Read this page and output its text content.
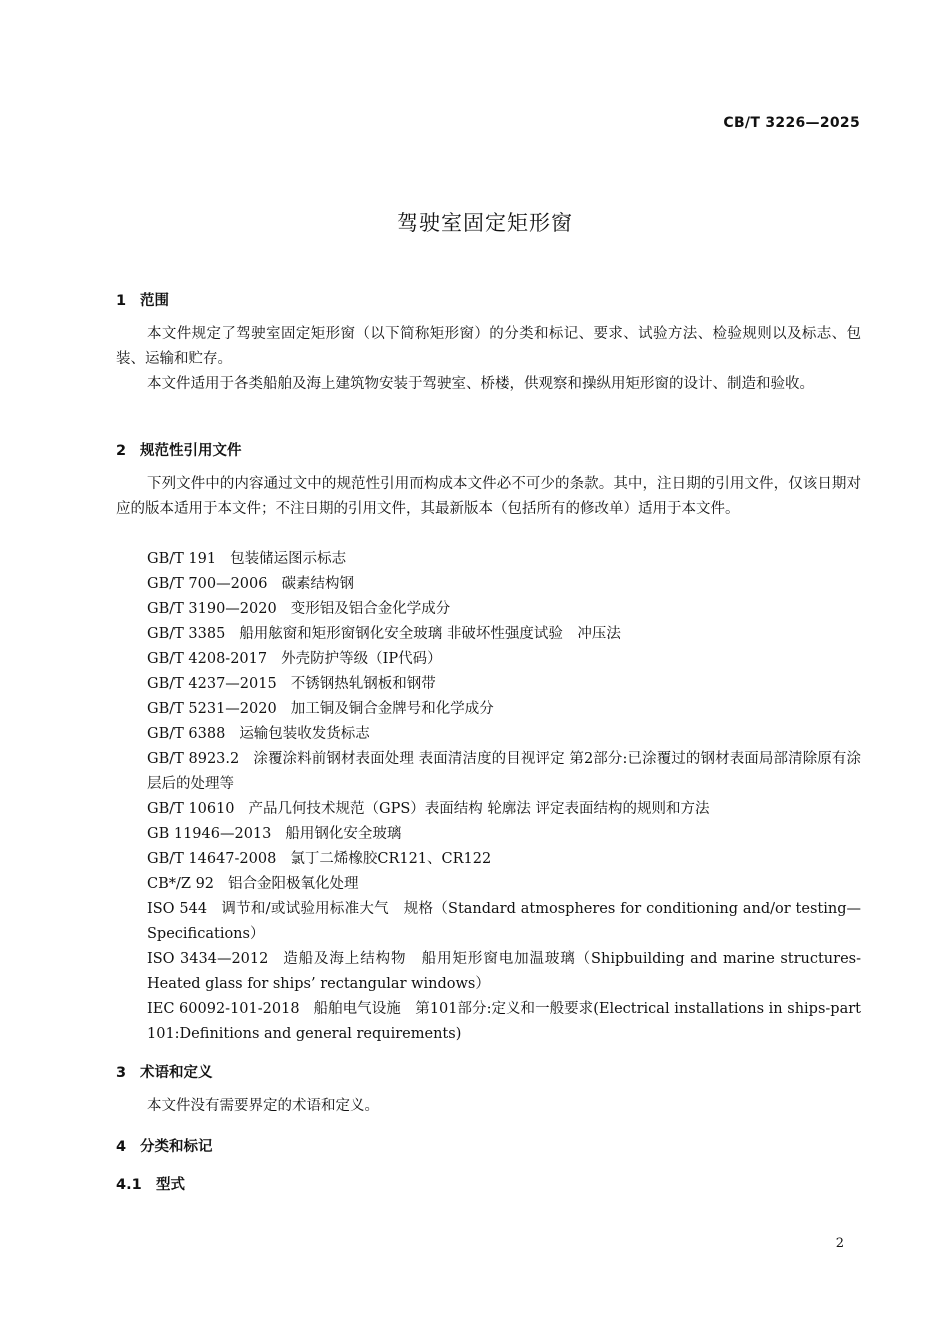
CB/T 3226—2025
驾驶室固定矩形窗
1 范围

本文件规定了驾驶室固定矩形窗（以下简称矩形窗）的分类和标记、要求、试验方法、检验规则以及标志、包装、运输和贮存。

本文件适用于各类船舶及海上建筑物安装于驾驶室、桥楼，供观察和操纵用矩形窗的设计、制造和验收。

2 规范性引用文件

下列文件中的内容通过文中的规范性引用而构成本文件必不可少的条款。其中，注日期的引用文件，仅该日期对应的版本适用于本文件；不注日期的引用文件，其最新版本（包括所有的修改单）适用于本文件。

GB/T 191 包装储运图示标志

GB/T 700—2006 碳素结构钢

GB/T 3190—2020 变形铝及铝合金化学成分

GB/T 3385 船用舷窗和矩形窗钢化安全玻璃 非破坏性强度试验　冲压法

GB/T 4208-2017 外壳防护等级（IP代码）

GB/T 4237—2015 不锈钢热轧钢板和钢带

GB/T 5231—2020 加工铜及铜合金牌号和化学成分

GB/T 6388 运输包装收发货标志

GB/T 8923.2 涂覆涂料前钢材表面处理 表面清洁度的目视评定 第2部分:已涂覆过的钢材表面局部清除原有涂层后的处理等

GB/T 10610 产品几何技术规范（GPS）表面结构 轮廓法 评定表面结构的规则和方法

GB 11946—2013 船用钢化安全玻璃

GB/T 14647-2008 氯丁二烯橡胶CR121、CR122

CB*/Z 92 铝合金阳极氧化处理

ISO 544 调节和/或试验用标准大气　规格（Standard atmospheres for conditioning and/or testing—Specifications）

ISO 3434—2012 造船及海上结构物　船用矩形窗电加温玻璃（Shipbuilding and marine structures-Heated glass for ships’ rectangular windows）

IEC 60092-101-2018 船舶电气设施　第101部分:定义和一般要求(Electrical installations in ships-part 101:Definitions and general requirements)

3 术语和定义

本文件没有需要界定的术语和定义。

4 分类和标记
4.1 型式
2
